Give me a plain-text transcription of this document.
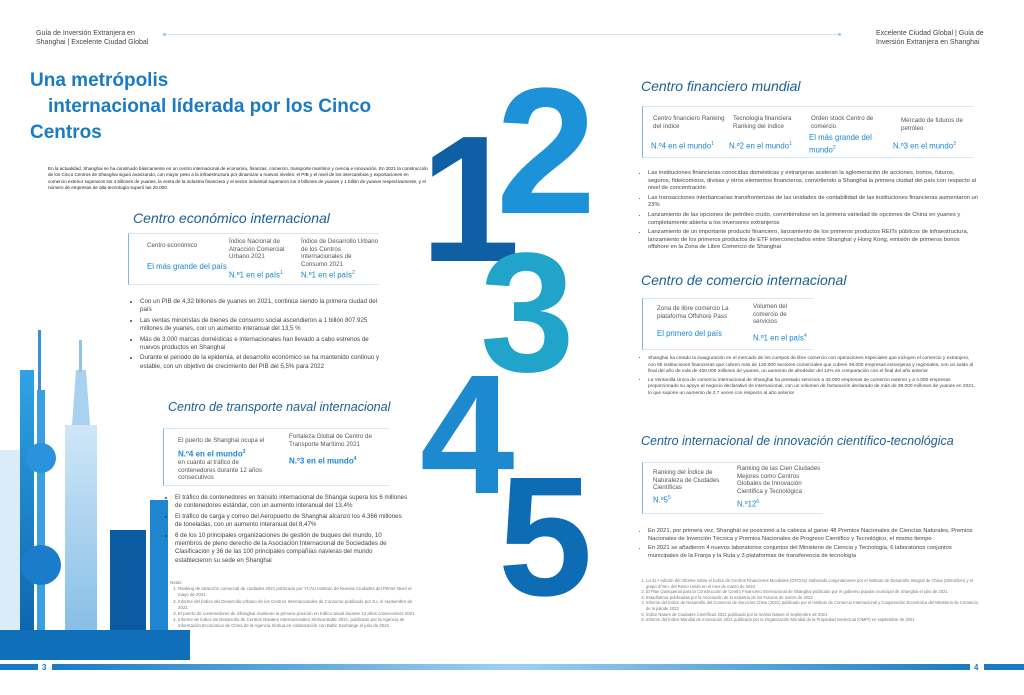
Guía de Inversión Extranjera en
Shanghai | Excelente Ciudad Global
Excelente Ciudad Global | Guía de
Inversión Extranjera en Shanghai
Una metrópolis
internacional líderada por los Cinco
Centros
En la actualidad, Shanghai se ha construido básicamente en un centro internacional de economía, finanzas, comercio, transporte marítimo y ciencia e innovación. En 2021 la construcción de los Cinco Centros de Shanghai siguió avanzando, con mayor peso a la infraestructura por dinamizar a nuevos niveles: el PIB y el nivel de los intercambios y exportaciones en comercio exterior superaron los 4 billones de yuanes, la venta de la industria financiera y el sector industrial superaron los 3 billones de yuanes y 1 billón de yuanes respectivamente, y el número de empresas de alta tecnología superó las 20.000.	1
2
3
4
5
Centro económico internacional
Centro económico
El más grande del país
Índice Nacional de Atracción Comercial Urbano 2021
N.º1 en el país$^1$
Índice de Desarrollo Urbano de los Centros Internacionales de Consumo 2021
N.º1 en el país$^2$
• Con un PIB de 4,32 billones de yuanes en 2021, continúa siendo la primera ciudad del país
• Las ventas minoristas de bienes de consumo social ascendieron a 1 billón 807.925 millones de yuanes, con un aumento interanual del 13,5 %
• Más de 3.000 marcas domésticas e internacionales han llevado a cabo estrenos de nuevos productos en Shanghai
• Durante el periodo de la epidemia, el desarrollo económico se ha mantenido continuo y estable, con un objetivo de crecimiento del PIB del 5,5% para 2022
Centro de transporte naval internacional
El puerto de Shanghai ocupa el
N.º4 en el mundo$^3$
en cuanto al tráfico de contenedores durante 12 años consecutivos
Fortaleza Global de Centro de Transporte Marítimo 2021
N.º3 en el mundo$^4$
• El tráfico de contenedores en tránsito internacional de Shangai supera los 6 millones de contenedores estándar, con un aumento interanual del 13,4%
• El tráfico de carga y correo del Aeropuerto de Shanghai alcanzó los 4.366 millones de toneladas, con un aumento interanual del 8,47%
• 6 de los 10 principales organizaciones de gestión de buques del mundo, 10 miembros de pleno derecho de la Asociación Internacional de Sociedades de Clasificación y 36 de las 100 principales compañías navieras del mundo establecieron su sede en Shanghai
Notas
1. Ranking de atracción comercial de ciudades 2021 publicado por YCAU Instituto de Nuevas Ciudades del Primer Nivel el mayo de 2021
2. Informe del Índice del Desarrollo Urbano de los Centros Internacionales de Consumo publicado por S.L el septiembre de 2021
3. El puerto de contenedores de Shanghai mantiene la primera posición en tráfico anual durante 12 años consecutivos 2021
4. Informe de Índice de Desarrollo de Centros Navales Internacionales Xinhua-Baltic 2021, publicado por la Agencia de Información Económica de China de la Agencia Xinhua en colaboración con Baltic Exchange el julio de 2021
Centro financiero mundial
Centro financiero Ranking del índice
N.º4 en el mundo$^1$
Tecnología financiera Ranking del índice
N.º2 en el mundo$^1$
Orden stock Centro de comercio
El más grande del mundo$^2$
Mercado de futuros de petróleo
N.º3 en el mundo$^3$
• Las instituciones financieras conocidas domésticas y extranjeras aceleran la aglomeración de acciones, bonos, futuros, seguros, fideicomisos, divisas y otros elementos financieros, convirtiendo a Shanghai la primera ciudad del país con respecto al nivel de concentración
• Las transacciones interbancarias transfronterizas de las unidades de contabilidad de las instituciones financieras aumentaron un 23%
• Lanzamiento de las opciones de petróleo crudo, convirtiéndose en la primera variedad de opciones de China en yuanes y completamente abierta a los inversores extranjeros
• Lanzamiento de un importante producto financiero, lanzamiento de los primeros productos REITs públicos de infraestructura, lanzamiento de los primeros productos de ETF interconectados entre Shanghai y Hong Kong, emisión de primeros bonos offshore en la Zona de Libre Comercio de Shanghai
Centro de comercio internacional
Zona de libre comercio La plataforma Offshore Pass
El primero del país
Volumen del comercio de servicios
N.º1 en el país$^4$
• Shanghai ha creado la inauguración en el mercado de los cuerpos de libre comercio con operaciones especiales que incluyen el comercio y extranjero, con 65 instituciones financieras que cubren más de 130.000 sectores comerciales que cubren 38.000 empresas extranjeras y regionales, con un saldo al final del año de más de 400.000 millones de yuanes, un aumento de alrededor del 14% en comparación con el final del año anterior
• La Ventanilla Única de comercio internacional de Shanghai ha prestado servicios a 43.000 empresas de comercio exterior y a 4.000 empresas proporcionado su apoyo al negocio declarativo de internacional, con un volumen de facturación declarado de más de 39.000 millones de yuanes en 2021, lo que supone un aumento de 2,7 veces con respecto al año anterior
Centro internacional de innovación científico-tecnológica
Ranking del Índice de Naturaleza de Ciudades Científicas
$N.º5^5$
Ranking de las Cien Ciudades Mejores como Centros Globales de Innovación Científica y Tecnológica
$N.º12^6$
• En 2021, por primera vez, Shanghái se posicionó a la cabeza al ganar 48 Premios Nacionales de Ciencias Naturales, Premios Nacionales de Invención Técnica y Premios Nacionales de Progreso Científico y Tecnológico, el mismo tiempo
• En 2021 se añadieron 4 nuevos laboratorios conjuntos del Ministerio de Ciencia y Tecnología, 6 laboratorios conjuntos municipales de la Franja y la Ruta y 3 plataformas de transferencia de tecnología
1. La 31.ª edición del Informe sobre el Índice de Centros Financieros Mundiales (GFCI31) elaborado conjuntamente por el Instituto de Desarrollo Integral de China (Shenzhen) y el grupo Z/Yen, del Reino Unido en el mes de marzo de 2022
2. El Plan Quinquenal para la Construcción de Centro Financiero Internacional de Shanghai publicado por el gobierno popular municipal de Shanghai el julio de 2021
3. Estadísticas publicadas por la Asociación de la Industria de los Futuros de marzo de 2023
4. Informe del Índice de Desarrollo del Comercio de Servicios China (2021) publicado por el Instituto de Comercio Internacional y Cooperación Económica del Ministerio de Comercio de la juliode 2022
5. Índice Nature de Ciudades Científicas 2021 publicado por la revista Nature el septiembre de 2021
6. Informe del Índice Mundial de Innovación 2021 publicado por la Organización Mundial de la Propiedad Intelectual (OMPI) en septiembre de 2021
3	4
